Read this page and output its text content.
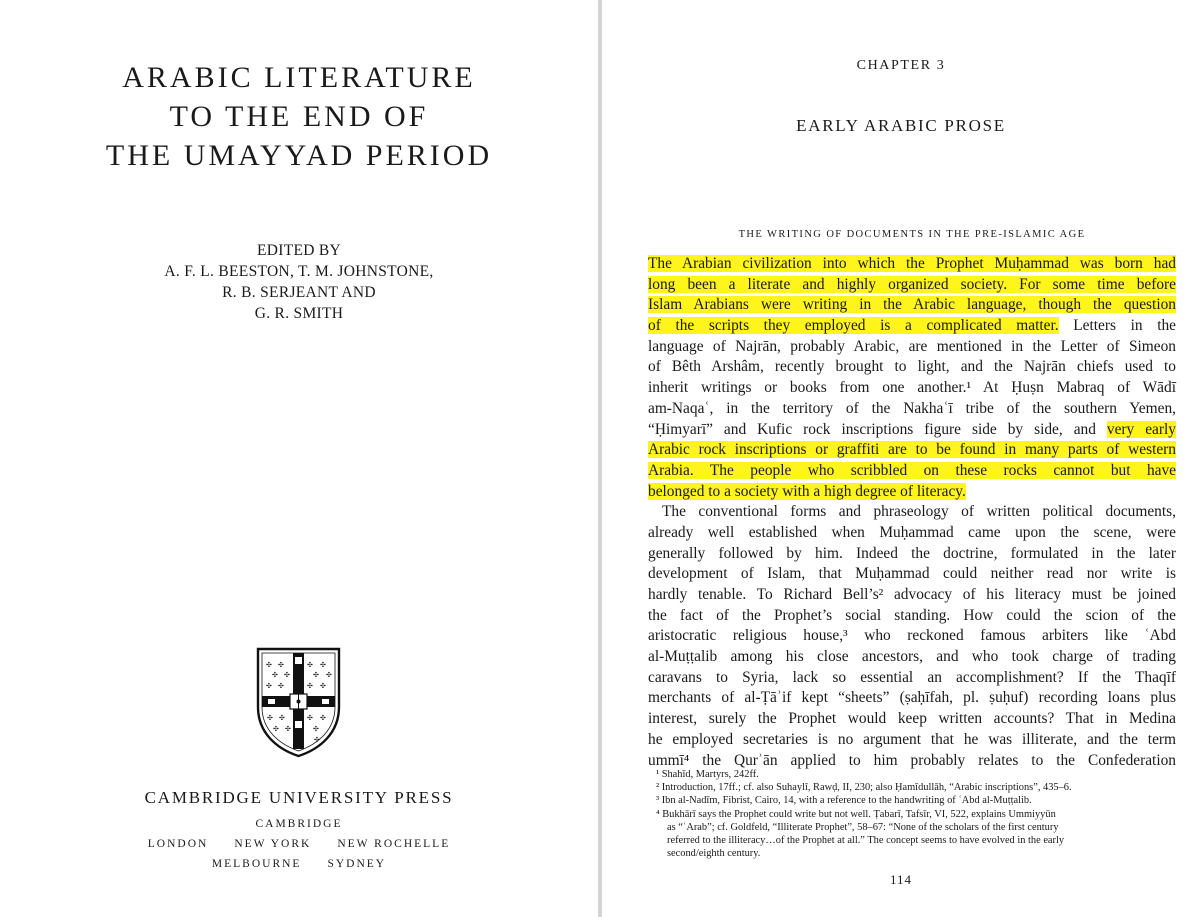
ARABIC LITERATURE
TO THE END OF
THE UMAYYAD PERIOD
EDITED BY
A. F. L. BEESTON, T. M. JOHNSTONE,
R. B. SERJEANT AND
G. R. SMITH
✣ ✣
✣ ✣
✣ ✣
✣ ✣
✣ ✣
✣ ✣
✣ ✣
✣ ✣
✣ ✣
✣
✣
CAMBRIDGE UNIVERSITY PRESS
CAMBRIDGE
LONDON NEW YORK NEW ROCHELLE
MELBOURNE SYDNEY
CHAPTER 3
EARLY ARABIC PROSE
THE WRITING OF DOCUMENTS IN THE PRE-ISLAMIC AGE
The Arabian civilization into which the Prophet Muḥammad was born had
long been a literate and highly organized society. For some time before
Islam Arabians were writing in the Arabic language, though the question
of the scripts they employed is a complicated matter. Letters in the
language of Najrān, probably Arabic, are mentioned in the Letter of Simeon
of Bêth Arshâm, recently brought to light, and the Najrān chiefs used to
inherit writings or books from one another.¹ At Ḥuṣn Mabraq of Wādī
am-Naqaʿ, in the territory of the Nakhaʿī tribe of the southern Yemen,
“Ḥimyarī” and Kufic rock inscriptions figure side by side, and very early
Arabic rock inscriptions or graffiti are to be found in many parts of western
Arabia. The people who scribbled on these rocks cannot but have
belonged to a society with a high degree of literacy.
The conventional forms and phraseology of written political documents,
already well established when Muḥammad came upon the scene, were
generally followed by him. Indeed the doctrine, formulated in the later
development of Islam, that Muḥammad could neither read nor write is
hardly tenable. To Richard Bell’s² advocacy of his literacy must be joined
the fact of the Prophet’s social standing. How could the scion of the
aristocratic religious house,³ who reckoned famous arbiters like ʿAbd
al-Muṭṭalib among his close ancestors, and who took charge of trading
caravans to Syria, lack so essential an accomplishment? If the Thaqīf
merchants of al-Ṭāʾif kept “sheets” (ṣaḥīfah, pl. ṣuḥuf) recording loans plus
interest, surely the Prophet would keep written accounts? That in Medina
he employed secretaries is no argument that he was illiterate, and the term
ummī⁴ the Qurʾān applied to him probably relates to the Confederation
¹ Shahīd, Martyrs, 242ff.
² Introduction, 17ff.; cf. also Suhaylī, Rawḍ, II, 230; also Ḥamīdullāh, “Arabic inscriptions”, 435–6.
³ Ibn al-Nadīm, Fibrist, Cairo, 14, with a reference to the handwriting of ʿAbd al-Muṭṭalib.
⁴ Bukhārī says the Prophet could write but not well. Ṭabarī, Tafsīr, VI, 522, explains Ummiyyūn
as “ʿArab”; cf. Goldfeld, “Illiterate Prophet”, 58–67: “None of the scholars of the first century
referred to the illiteracy…of the Prophet at all.” The concept seems to have evolved in the early
second/eighth century.
114
